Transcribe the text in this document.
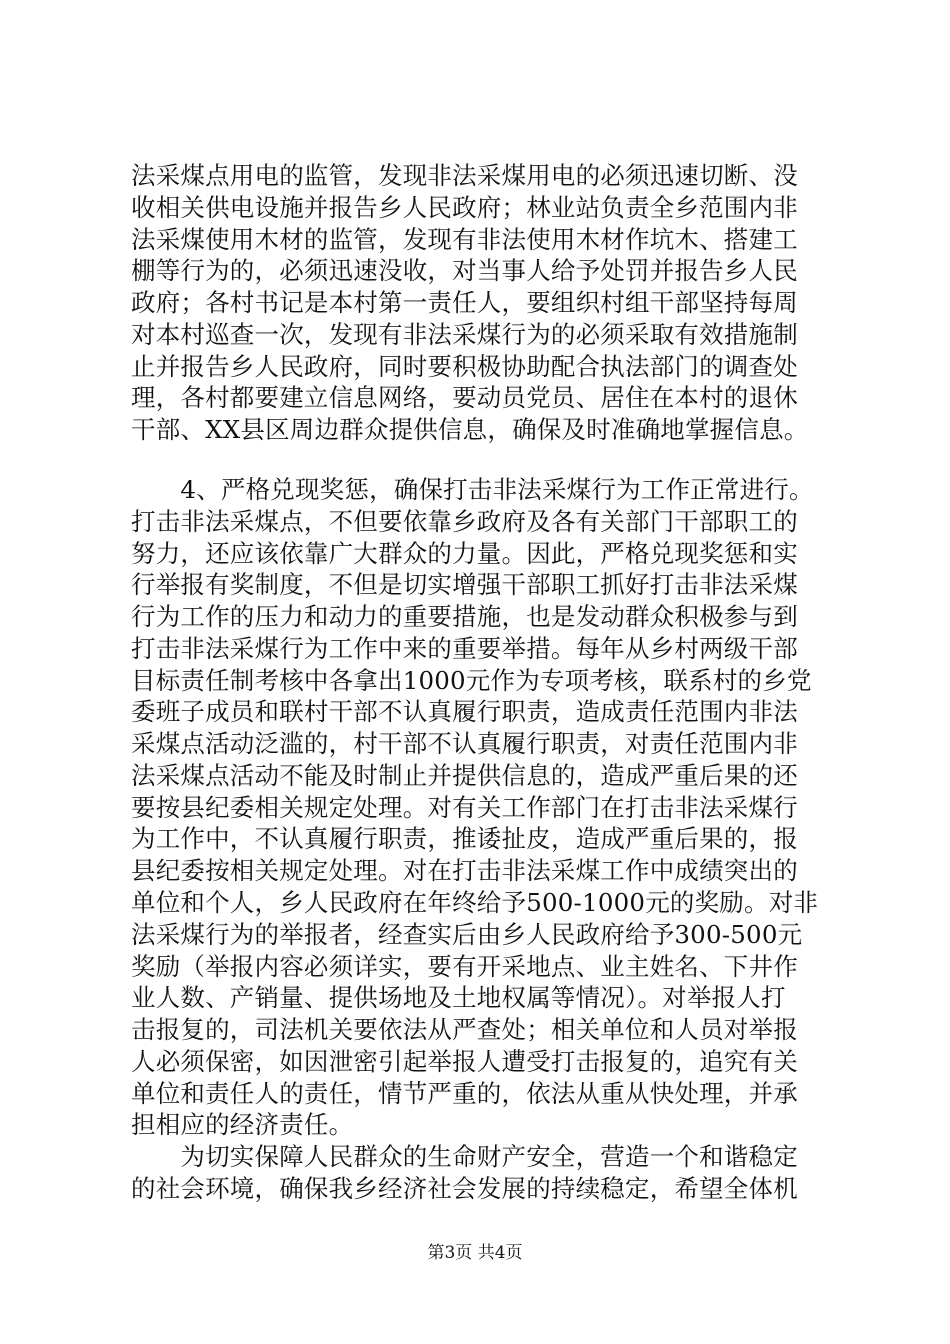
法采煤点用电的监管，发现非法采煤用电的必须迅速切断、没
收相关供电设施并报告乡人民政府；林业站负责全乡范围内非
法采煤使用木材的监管，发现有非法使用木材作坑木、搭建工
棚等行为的，必须迅速没收，对当事人给予处罚并报告乡人民
政府；各村书记是本村第一责任人，要组织村组干部坚持每周
对本村巡查一次，发现有非法采煤行为的必须采取有效措施制
止并报告乡人民政府，同时要积极协助配合执法部门的调查处
理，各村都要建立信息网络，要动员党员、居住在本村的退休
干部、XX县区周边群众提供信息，确保及时准确地掌握信息。
　　4、严格兑现奖惩，确保打击非法采煤行为工作正常进行。
打击非法采煤点，不但要依靠乡政府及各有关部门干部职工的
努力，还应该依靠广大群众的力量。因此，严格兑现奖惩和实
行举报有奖制度，不但是切实增强干部职工抓好打击非法采煤
行为工作的压力和动力的重要措施，也是发动群众积极参与到
打击非法采煤行为工作中来的重要举措。每年从乡村两级干部
目标责任制考核中各拿出1000元作为专项考核，联系村的乡党
委班子成员和联村干部不认真履行职责，造成责任范围内非法
采煤点活动泛滥的，村干部不认真履行职责，对责任范围内非
法采煤点活动不能及时制止并提供信息的，造成严重后果的还
要按县纪委相关规定处理。对有关工作部门在打击非法采煤行
为工作中，不认真履行职责，推诿扯皮，造成严重后果的，报
县纪委按相关规定处理。对在打击非法采煤工作中成绩突出的
单位和个人，乡人民政府在年终给予500-1000元的奖励。对非
法采煤行为的举报者，经查实后由乡人民政府给予300-500元
奖励（举报内容必须详实，要有开采地点、业主姓名、下井作
业人数、产销量、提供场地及土地权属等情况）。对举报人打
击报复的，司法机关要依法从严查处；相关单位和人员对举报
人必须保密，如因泄密引起举报人遭受打击报复的，追究有关
单位和责任人的责任，情节严重的，依法从重从快处理，并承
担相应的经济责任。
　　为切实保障人民群众的生命财产安全，营造一个和谐稳定
的社会环境，确保我乡经济社会发展的持续稳定，希望全体机
第3页 共4页
